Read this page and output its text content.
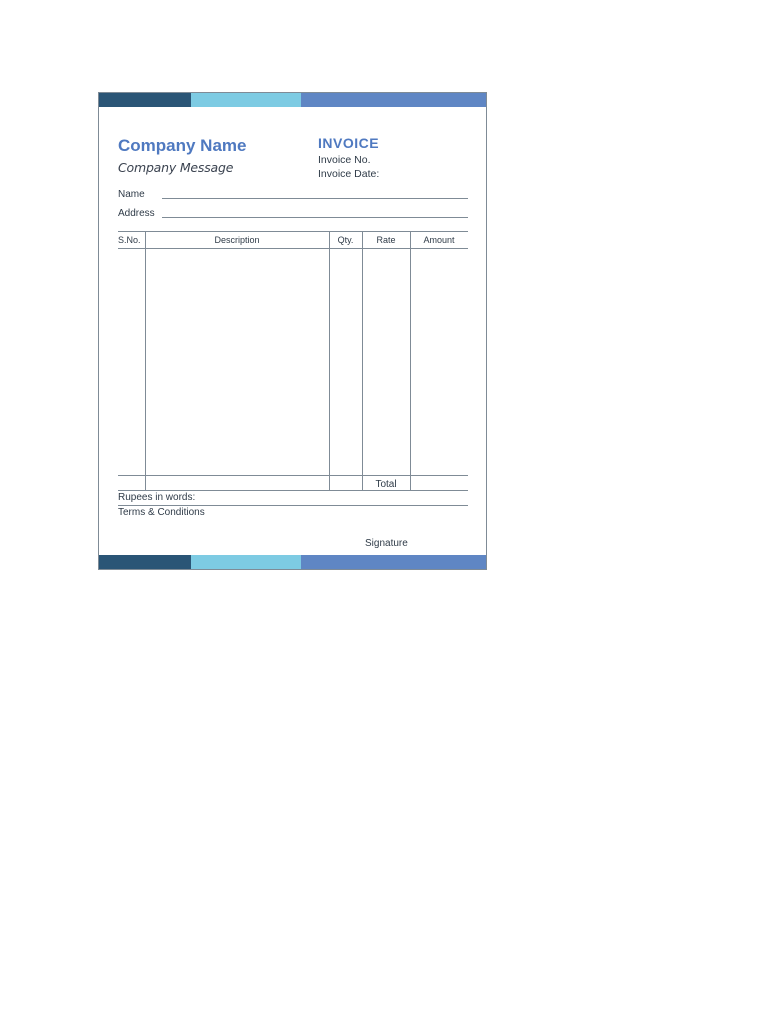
Company Name
Company Message
INVOICE
Invoice No.
Invoice Date:
Name
Address
S.No.	Description	Qty.	Rate	Amount
Total
Rupees in words:
Terms & Conditions
Signature
